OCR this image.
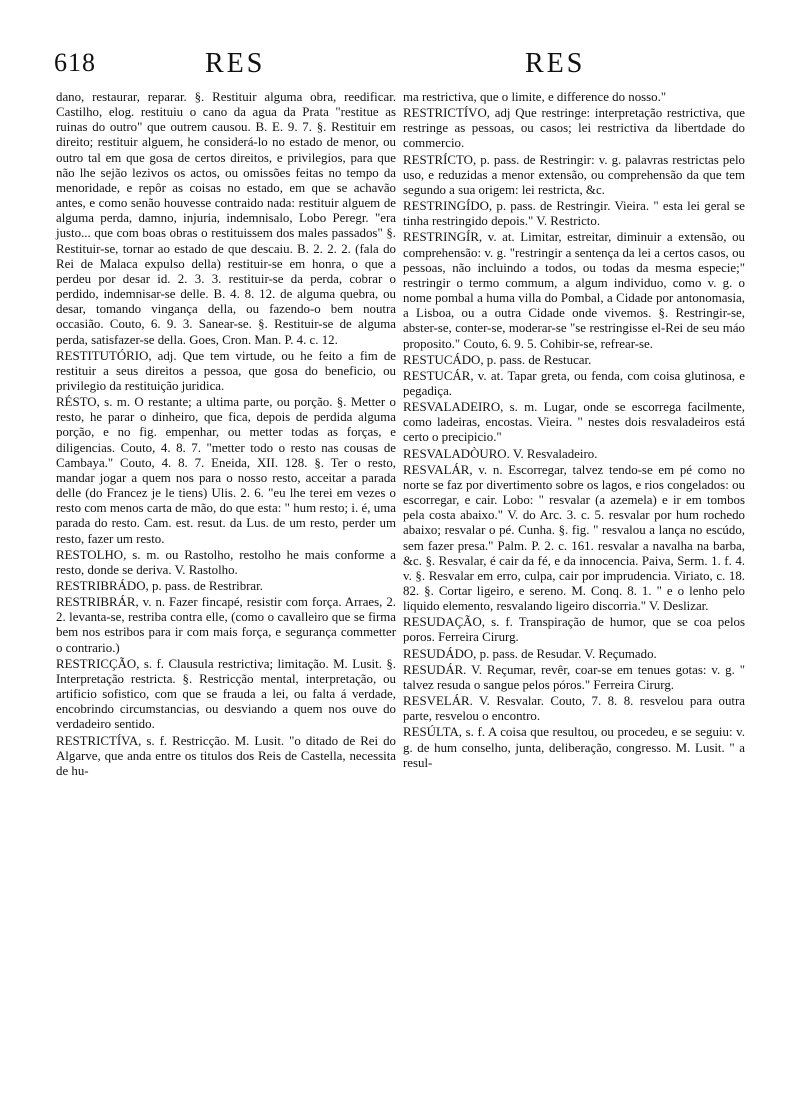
618	RES	RES

dano, restaurar, reparar. §. Restituir alguma obra, reedificar. Castilho, elog. restituiu o cano da agua da Prata "restitue as ruinas do outro" que outrem causou. B. E. 9. 7. §. Restituir em direito; restituir alguem, he considerá-lo no estado de menor, ou outro tal em que gosa de certos direitos, e privilegios, para que não lhe sejão lezivos os actos, ou omissões feitas no tempo da menoridade, e repôr as coisas no estado, em que se achavão antes, e como senão houvesse contraido nada: restituir alguem de alguma perda, damno, injuria, indemnisalo, Lobo Peregr. "era justo... que com boas obras o restituissem dos males passados" §. Restituir-se, tornar ao estado de que descaiu. B. 2. 2. 2. (fala do Rei de Malaca expulso della) restituir-se em honra, o que a perdeu por desar id. 2. 3. 3. restituir-se da perda, cobrar o perdido, indemnisar-se delle. B. 4. 8. 12. de alguma quebra, ou desar, tomando vingança della, ou fazendo-o bem noutra occasião. Couto, 6. 9. 3. Sanear-se. §. Restituir-se de alguma perda, satisfazer-se della. Goes, Cron. Man. P. 4. c. 12.

RESTITUTÓRIO, adj. Que tem virtude, ou he feito a fim de restituir a seus direitos a pessoa, que gosa do beneficio, ou privilegio da restituição juridica.

RÉSTO, s. m. O restante; a ultima parte, ou porção. §. Metter o resto, he parar o dinheiro, que fica, depois de perdida alguma porção, e no fig. empenhar, ou metter todas as forças, e diligencias. Couto, 4. 8. 7. "metter todo o resto nas cousas de Cambaya." Couto, 4. 8. 7. Eneida, XII. 128. §. Ter o resto, mandar jogar a quem nos para o nosso resto, acceitar a parada delle (do Francez je le tiens) Ulis. 2. 6. "eu lhe terei em vezes o resto com menos carta de mão, do que esta: " hum resto; i. é, uma parada do resto. Cam. est. resut. da Lus. de um resto, perder um resto, fazer um resto.

RESTOLHO, s. m. ou Rastolho, restolho he mais conforme a resto, donde se deriva. V. Rastolho.

RESTRIBRÁDO, p. pass. de Restribrar.

RESTRIBRÁR, v. n. Fazer fincapé, resistir com força. Arraes, 2. 2. levanta-se, restriba contra elle, (como o cavalleiro que se firma bem nos estribos para ir com mais força, e segurança commetter o contrario.)

RESTRICÇÃO, s. f. Clausula restrictiva; limitação. M. Lusit. §. Interpretação restricta. §. Restricção mental, interpretação, ou artificio sofistico, com que se frauda a lei, ou falta á verdade, encobrindo circumstancias, ou desviando a quem nos ouve do verdadeiro sentido.

RESTRICTÍVA, s. f. Restricção. M. Lusit. "o ditado de Rei do Algarve, que anda entre os titulos dos Reis de Castella, necessita de hu-

ma restrictiva, que o limite, e difference do nosso."

RESTRICTÍVO, adj Que restringe: interpretação restrictiva, que restringe as pessoas, ou casos; lei restrictiva da libertdade do commercio.

RESTRÍCTO, p. pass. de Restringir: v. g. palavras restrictas pelo uso, e reduzidas a menor extensão, ou comprehensão da que tem segundo a sua origem: lei restricta, &c.

RESTRINGÍDO, p. pass. de Restringir. Vieira. " esta lei geral se tinha restringido depois." V. Restricto.

RESTRINGÍR, v. at. Limitar, estreitar, diminuir a extensão, ou comprehensão: v. g. "restringir a sentença da lei a certos casos, ou pessoas, não incluindo a todos, ou todas da mesma especie;" restringir o termo commum, a algum individuo, como v. g. o nome pombal a huma villa do Pombal, a Cidade por antonomasia, a Lisboa, ou a outra Cidade onde vivemos. §. Restringir-se, abster-se, conter-se, moderar-se "se restringisse el-Rei de seu máo proposito." Couto, 6. 9. 5. Cohibir-se, refrear-se.

RESTUCÁDO, p. pass. de Restucar.

RESTUCÁR, v. at. Tapar greta, ou fenda, com coisa glutinosa, e pegadiça.

RESVALADEIRO, s. m. Lugar, onde se escorrega facilmente, como ladeiras, encostas. Vieira. " nestes dois resvaladeiros está certo o precipicio."

RESVALADÒURO. V. Resvaladeiro.

RESVALÁR, v. n. Escorregar, talvez tendo-se em pé como no norte se faz por divertimento sobre os lagos, e rios congelados: ou escorregar, e cair. Lobo: " resvalar (a azemela) e ir em tombos pela costa abaixo." V. do Arc. 3. c. 5. resvalar por hum rochedo abaixo; resvalar o pé. Cunha. §. fig. " resvalou a lança no escúdo, sem fazer presa." Palm. P. 2. c. 161. resvalar a navalha na barba, &c. §. Resvalar, é cair da fé, e da innocencia. Paiva, Serm. 1. f. 4. v. §. Resvalar em erro, culpa, cair por imprudencia. Viriato, c. 18. 82. §. Cortar ligeiro, e sereno. M. Conq. 8. 1. " e o lenho pelo liquido elemento, resvalando ligeiro discorria." V. Deslizar.

RESUDAÇÃO, s. f. Transpiração de humor, que se coa pelos poros. Ferreira Cirurg.

RESUDÁDO, p. pass. de Resudar. V. Reçumado.

RESUDÁR. V. Reçumar, revêr, coar-se em tenues gotas: v. g. " talvez resuda o sangue pelos póros." Ferreira Cirurg.

RESVELÁR. V. Resvalar. Couto, 7. 8. 8. resvelou para outra parte, resvelou o encontro.

RESÚLTA, s. f. A coisa que resultou, ou procedeu, e se seguiu: v. g. de hum conselho, junta, deliberação, congresso. M. Lusit. " a resul-
